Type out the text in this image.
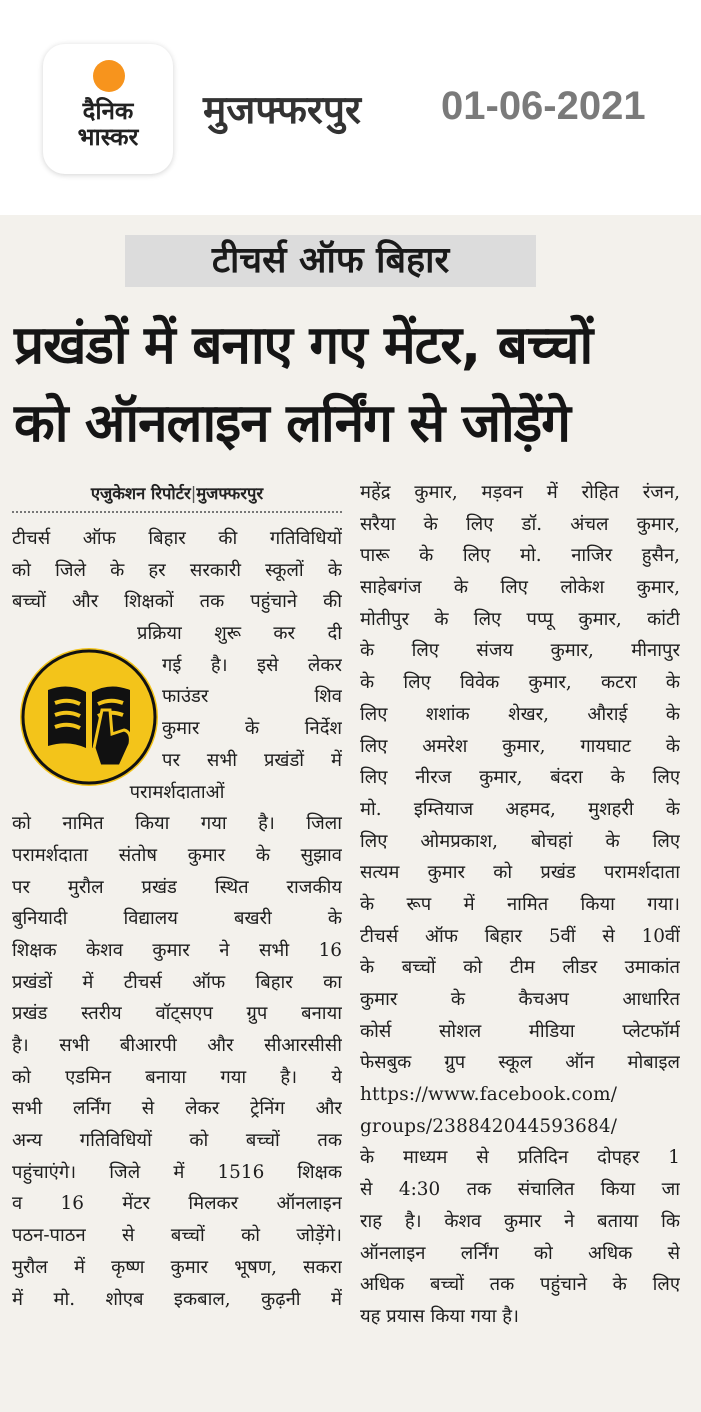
दैनिक
भास्कर
मुजफ्फरपुर 01-06-2021
टीचर्स ऑफ बिहार
प्रखंडों में बनाए गए मेंटर, बच्चों
को ऑनलाइन लर्निंग से जोड़ेंगे
एजुकेशन रिपोर्टर|मुजफ्फरपुर
टीचर्स ऑफ बिहार की गतिविधियों
को जिले के हर सरकारी स्कूलों के
बच्चों और शिक्षकों तक पहुंचाने की
प्रक्रिया शुरू कर दी
गई है। इसे लेकर
फाउंडर शिव
कुमार के निर्देश
पर सभी प्रखंडों में
परामर्शदाताओं
को नामित किया गया है। जिला
परामर्शदाता संतोष कुमार के सुझाव
पर मुरौल प्रखंड स्थित राजकीय
बुनियादी विद्यालय बखरी के
शिक्षक केशव कुमार ने सभी 16
प्रखंडों में टीचर्स ऑफ बिहार का
प्रखंड स्तरीय वॉट्सएप ग्रुप बनाया
है। सभी बीआरपी और सीआरसीसी
को एडमिन बनाया गया है। ये
सभी लर्निंग से लेकर ट्रेनिंग और
अन्य गतिविधियों को बच्चों तक
पहुंचाएंगे। जिले में 1516 शिक्षक
व 16 मेंटर मिलकर ऑनलाइन
पठन-पाठन से बच्चों को जोड़ेंगे।
मुरौल में कृष्ण कुमार भूषण, सकरा
में मो. शोएब इकबाल, कुढ़नी में
महेंद्र कुमार, मड़वन में रोहित रंजन,
सरैया के लिए डॉ. अंचल कुमार,
पारू के लिए मो. नाजिर हुसैन,
साहेबगंज के लिए लोकेश कुमार,
मोतीपुर के लिए पप्पू कुमार, कांटी
के लिए संजय कुमार, मीनापुर
के लिए विवेक कुमार, कटरा के
लिए शशांक शेखर, औराई के
लिए अमरेश कुमार, गायघाट के
लिए नीरज कुमार, बंदरा के लिए
मो. इम्तियाज अहमद, मुशहरी के
लिए ओमप्रकाश, बोचहां के लिए
सत्यम कुमार को प्रखंड परामर्शदाता
के रूप में नामित किया गया।
टीचर्स ऑफ बिहार 5वीं से 10वीं
के बच्चों को टीम लीडर उमाकांत
कुमार के कैचअप आधारित
कोर्स सोशल मीडिया प्लेटफॉर्म
फेसबुक ग्रुप स्कूल ऑन मोबाइल
https://www.facebook.com/
groups/238842044593684/
के माध्यम से प्रतिदिन दोपहर 1
से 4:30 तक संचालित किया जा
राह है। केशव कुमार ने बताया कि
ऑनलाइन लर्निंग को अधिक से
अधिक बच्चों तक पहुंचाने के लिए
यह प्रयास किया गया है।
